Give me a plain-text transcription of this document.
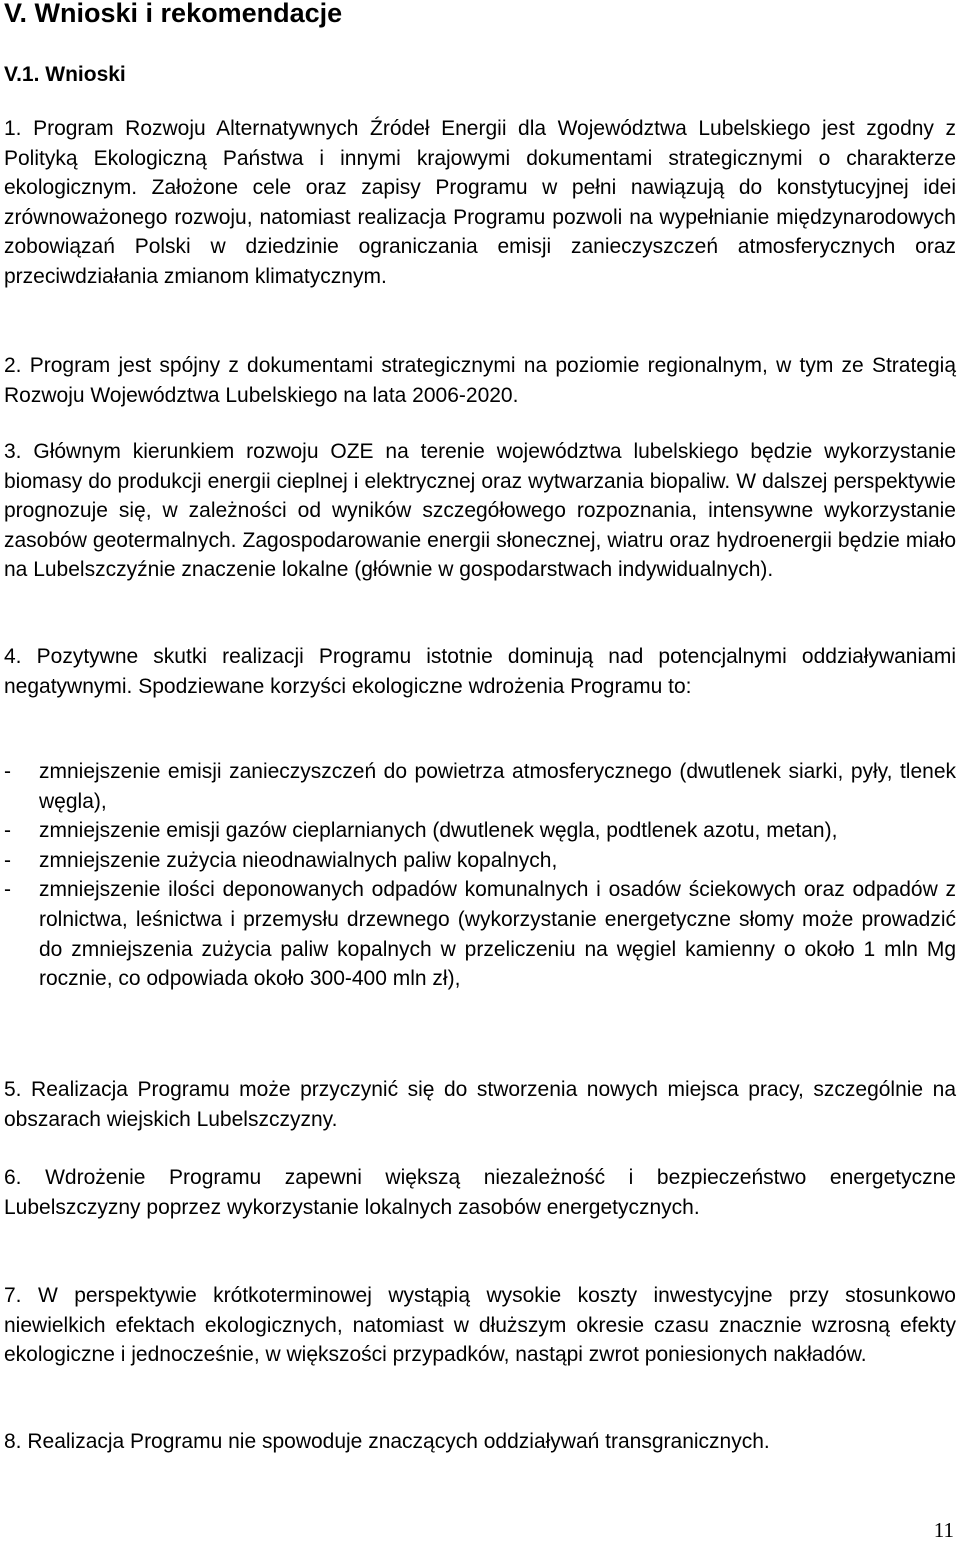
V. Wnioski i rekomendacje
V.1. Wnioski

1. Program Rozwoju Alternatywnych Źródeł Energii dla Województwa Lubelskiego jest zgodny z Polityką Ekologiczną Państwa i innymi krajowymi dokumentami strategicznymi o charakterze ekologicznym. Założone cele oraz zapisy Programu w pełni nawiązują do konstytucyjnej idei zrównoważonego rozwoju, natomiast realizacja Programu pozwoli na wypełnianie międzynarodowych zobowiązań Polski w dziedzinie ograniczania emisji zanieczyszczeń atmosferycznych oraz przeciwdziałania zmianom klimatycznym.

2. Program jest spójny z dokumentami strategicznymi na poziomie regionalnym, w tym ze Strategią Rozwoju Województwa Lubelskiego na lata 2006-2020.

3. Głównym kierunkiem rozwoju OZE na terenie województwa lubelskiego będzie wykorzystanie biomasy do produkcji energii cieplnej i elektrycznej oraz wytwarzania biopaliw. W dalszej perspektywie prognozuje się, w zależności od wyników szczegółowego rozpoznania, intensywne wykorzystanie zasobów geotermalnych. Zagospodarowanie energii słonecznej, wiatru oraz hydroenergii będzie miało na Lubelszczyźnie znaczenie lokalne (głównie w gospodarstwach indywidualnych).

4. Pozytywne skutki realizacji Programu istotnie dominują nad potencjalnymi oddziaływaniami negatywnymi. Spodziewane korzyści ekologiczne wdrożenia Programu to:

- zmniejszenie emisji zanieczyszczeń do powietrza atmosferycznego (dwutlenek siarki, pyły, tlenek węgla),
- zmniejszenie emisji gazów cieplarnianych (dwutlenek węgla, podtlenek azotu, metan),
- zmniejszenie zużycia nieodnawialnych paliw kopalnych,
- zmniejszenie ilości deponowanych odpadów komunalnych i osadów ściekowych oraz odpadów z rolnictwa, leśnictwa i przemysłu drzewnego (wykorzystanie energetyczne słomy może prowadzić do zmniejszenia zużycia paliw kopalnych w przeliczeniu na węgiel kamienny o około 1 mln Mg rocznie, co odpowiada około 300-400 mln zł),

5. Realizacja Programu może przyczynić się do stworzenia nowych miejsca pracy, szczególnie na obszarach wiejskich Lubelszczyzny.

6. Wdrożenie Programu zapewni większą niezależność i bezpieczeństwo energetyczne Lubelszczyzny poprzez wykorzystanie lokalnych zasobów energetycznych.

7. W perspektywie krótkoterminowej wystąpią wysokie koszty inwestycyjne przy stosunkowo niewielkich efektach ekologicznych, natomiast w dłuższym okresie czasu znacznie wzrosną efekty ekologiczne i jednocześnie, w większości przypadków, nastąpi zwrot poniesionych nakładów.

8. Realizacja Programu nie spowoduje znaczących oddziaływań transgranicznych.

11
